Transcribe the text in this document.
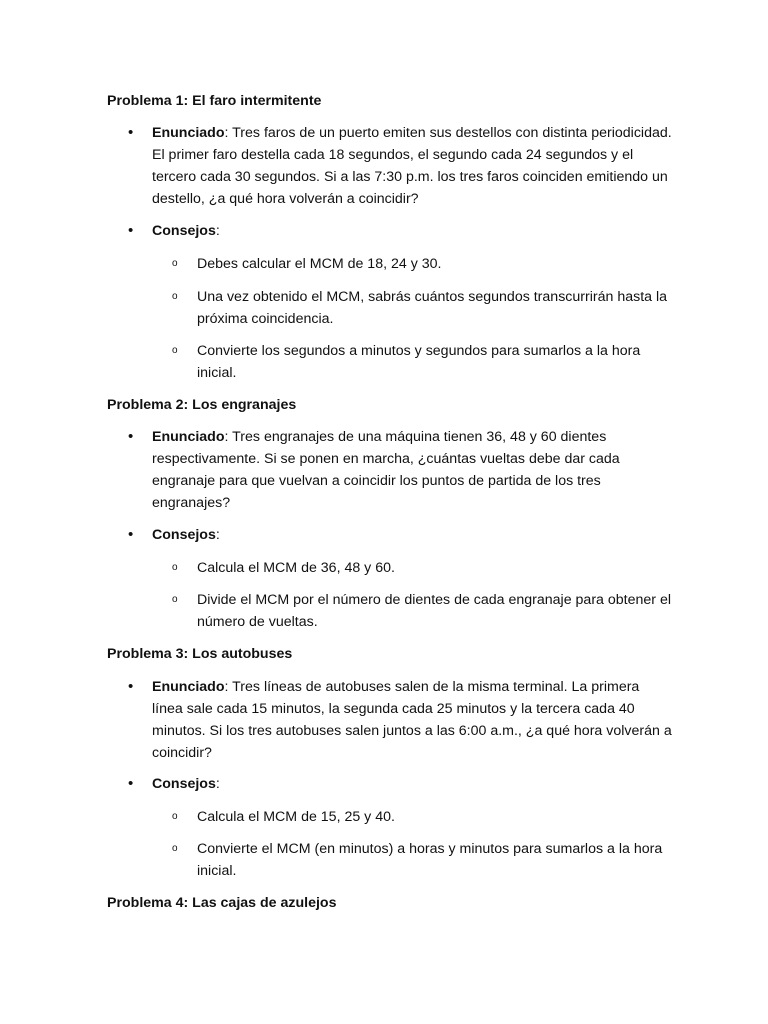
Problema 1: El faro intermitente
• Enunciado: Tres faros de un puerto emiten sus destellos con distinta periodicidad. El primer faro destella cada 18 segundos, el segundo cada 24 segundos y el tercero cada 30 segundos. Si a las 7:30 p.m. los tres faros coinciden emitiendo un destello, ¿a qué hora volverán a coincidir?
• Consejos:
o Debes calcular el MCM de 18, 24 y 30.
o Una vez obtenido el MCM, sabrás cuántos segundos transcurrirán hasta la próxima coincidencia.
o Convierte los segundos a minutos y segundos para sumarlos a la hora inicial.
Problema 2: Los engranajes
• Enunciado: Tres engranajes de una máquina tienen 36, 48 y 60 dientes respectivamente. Si se ponen en marcha, ¿cuántas vueltas debe dar cada engranaje para que vuelvan a coincidir los puntos de partida de los tres engranajes?
• Consejos:
o Calcula el MCM de 36, 48 y 60.
o Divide el MCM por el número de dientes de cada engranaje para obtener el número de vueltas.
Problema 3: Los autobuses
• Enunciado: Tres líneas de autobuses salen de la misma terminal. La primera línea sale cada 15 minutos, la segunda cada 25 minutos y la tercera cada 40 minutos. Si los tres autobuses salen juntos a las 6:00 a.m., ¿a qué hora volverán a coincidir?
• Consejos:
o Calcula el MCM de 15, 25 y 40.
o Convierte el MCM (en minutos) a horas y minutos para sumarlos a la hora inicial.
Problema 4: Las cajas de azulejos
